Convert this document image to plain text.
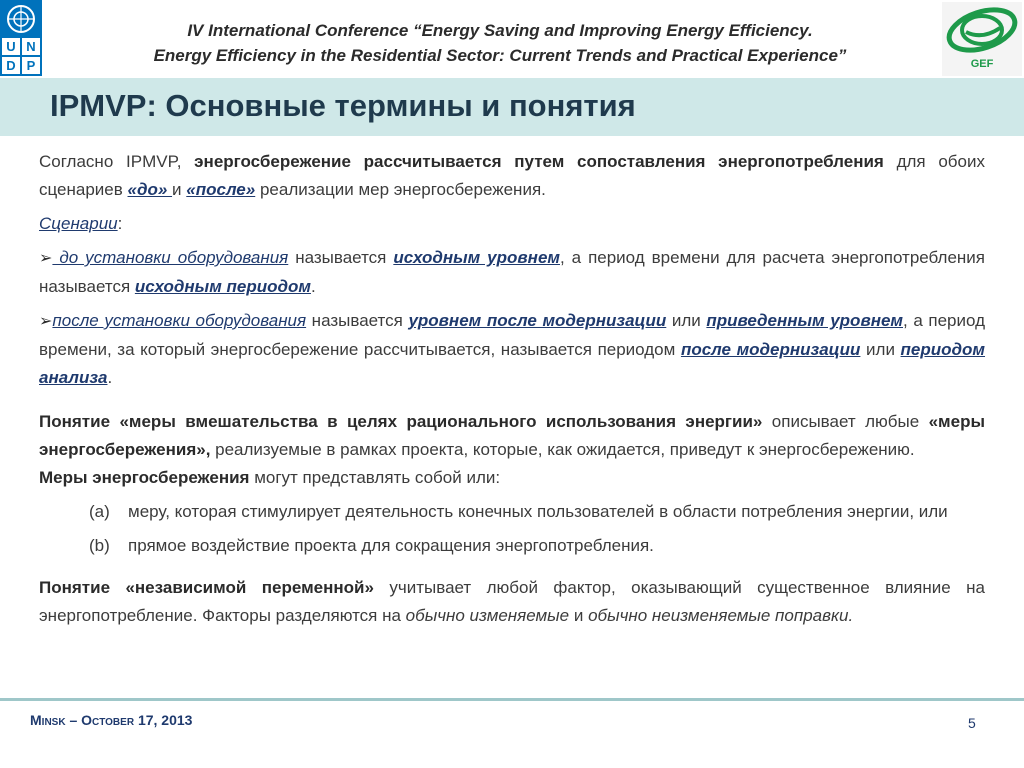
U N
D P
IV International Conference “Energy Saving and Improving Energy Efficiency.
Energy Efficiency in the Residential Sector: Current Trends and Practical Experience”	GEF
IPMVP: Основные термины и понятия

Согласно IPMVP, энергосбережение рассчитывается путем сопоставления энергопотребления для обоих сценариев «до» и «после» реализации мер энергосбережения.

Сценарии:

➢ до установки оборудования называется исходным уровнем, а период времени для расчета энергопотребления называется исходным периодом.

➢после установки оборудования называется уровнем после модернизации или приведенным уровнем, а период времени, за который энергосбережение рассчитывается, называется периодом после модернизации или периодом анализа.

Понятие «меры вмешательства в целях рационального использования энергии» описывает любые «меры энергосбережения», реализуемые в рамках проекта, которые, как ожидается, приведут к энергосбережению.

Меры энергосбережения могут представлять собой или:

(a) меру, которая стимулирует деятельность конечных пользователей в области потребления энергии, или

(b) прямое воздействие проекта для сокращения энергопотребления.

Понятие «независимой переменной» учитывает любой фактор, оказывающий существенное влияние на энергопотребление. Факторы разделяются на обычно изменяемые и обычно неизменяемые поправки.

Minsk – October 17, 2013	5
